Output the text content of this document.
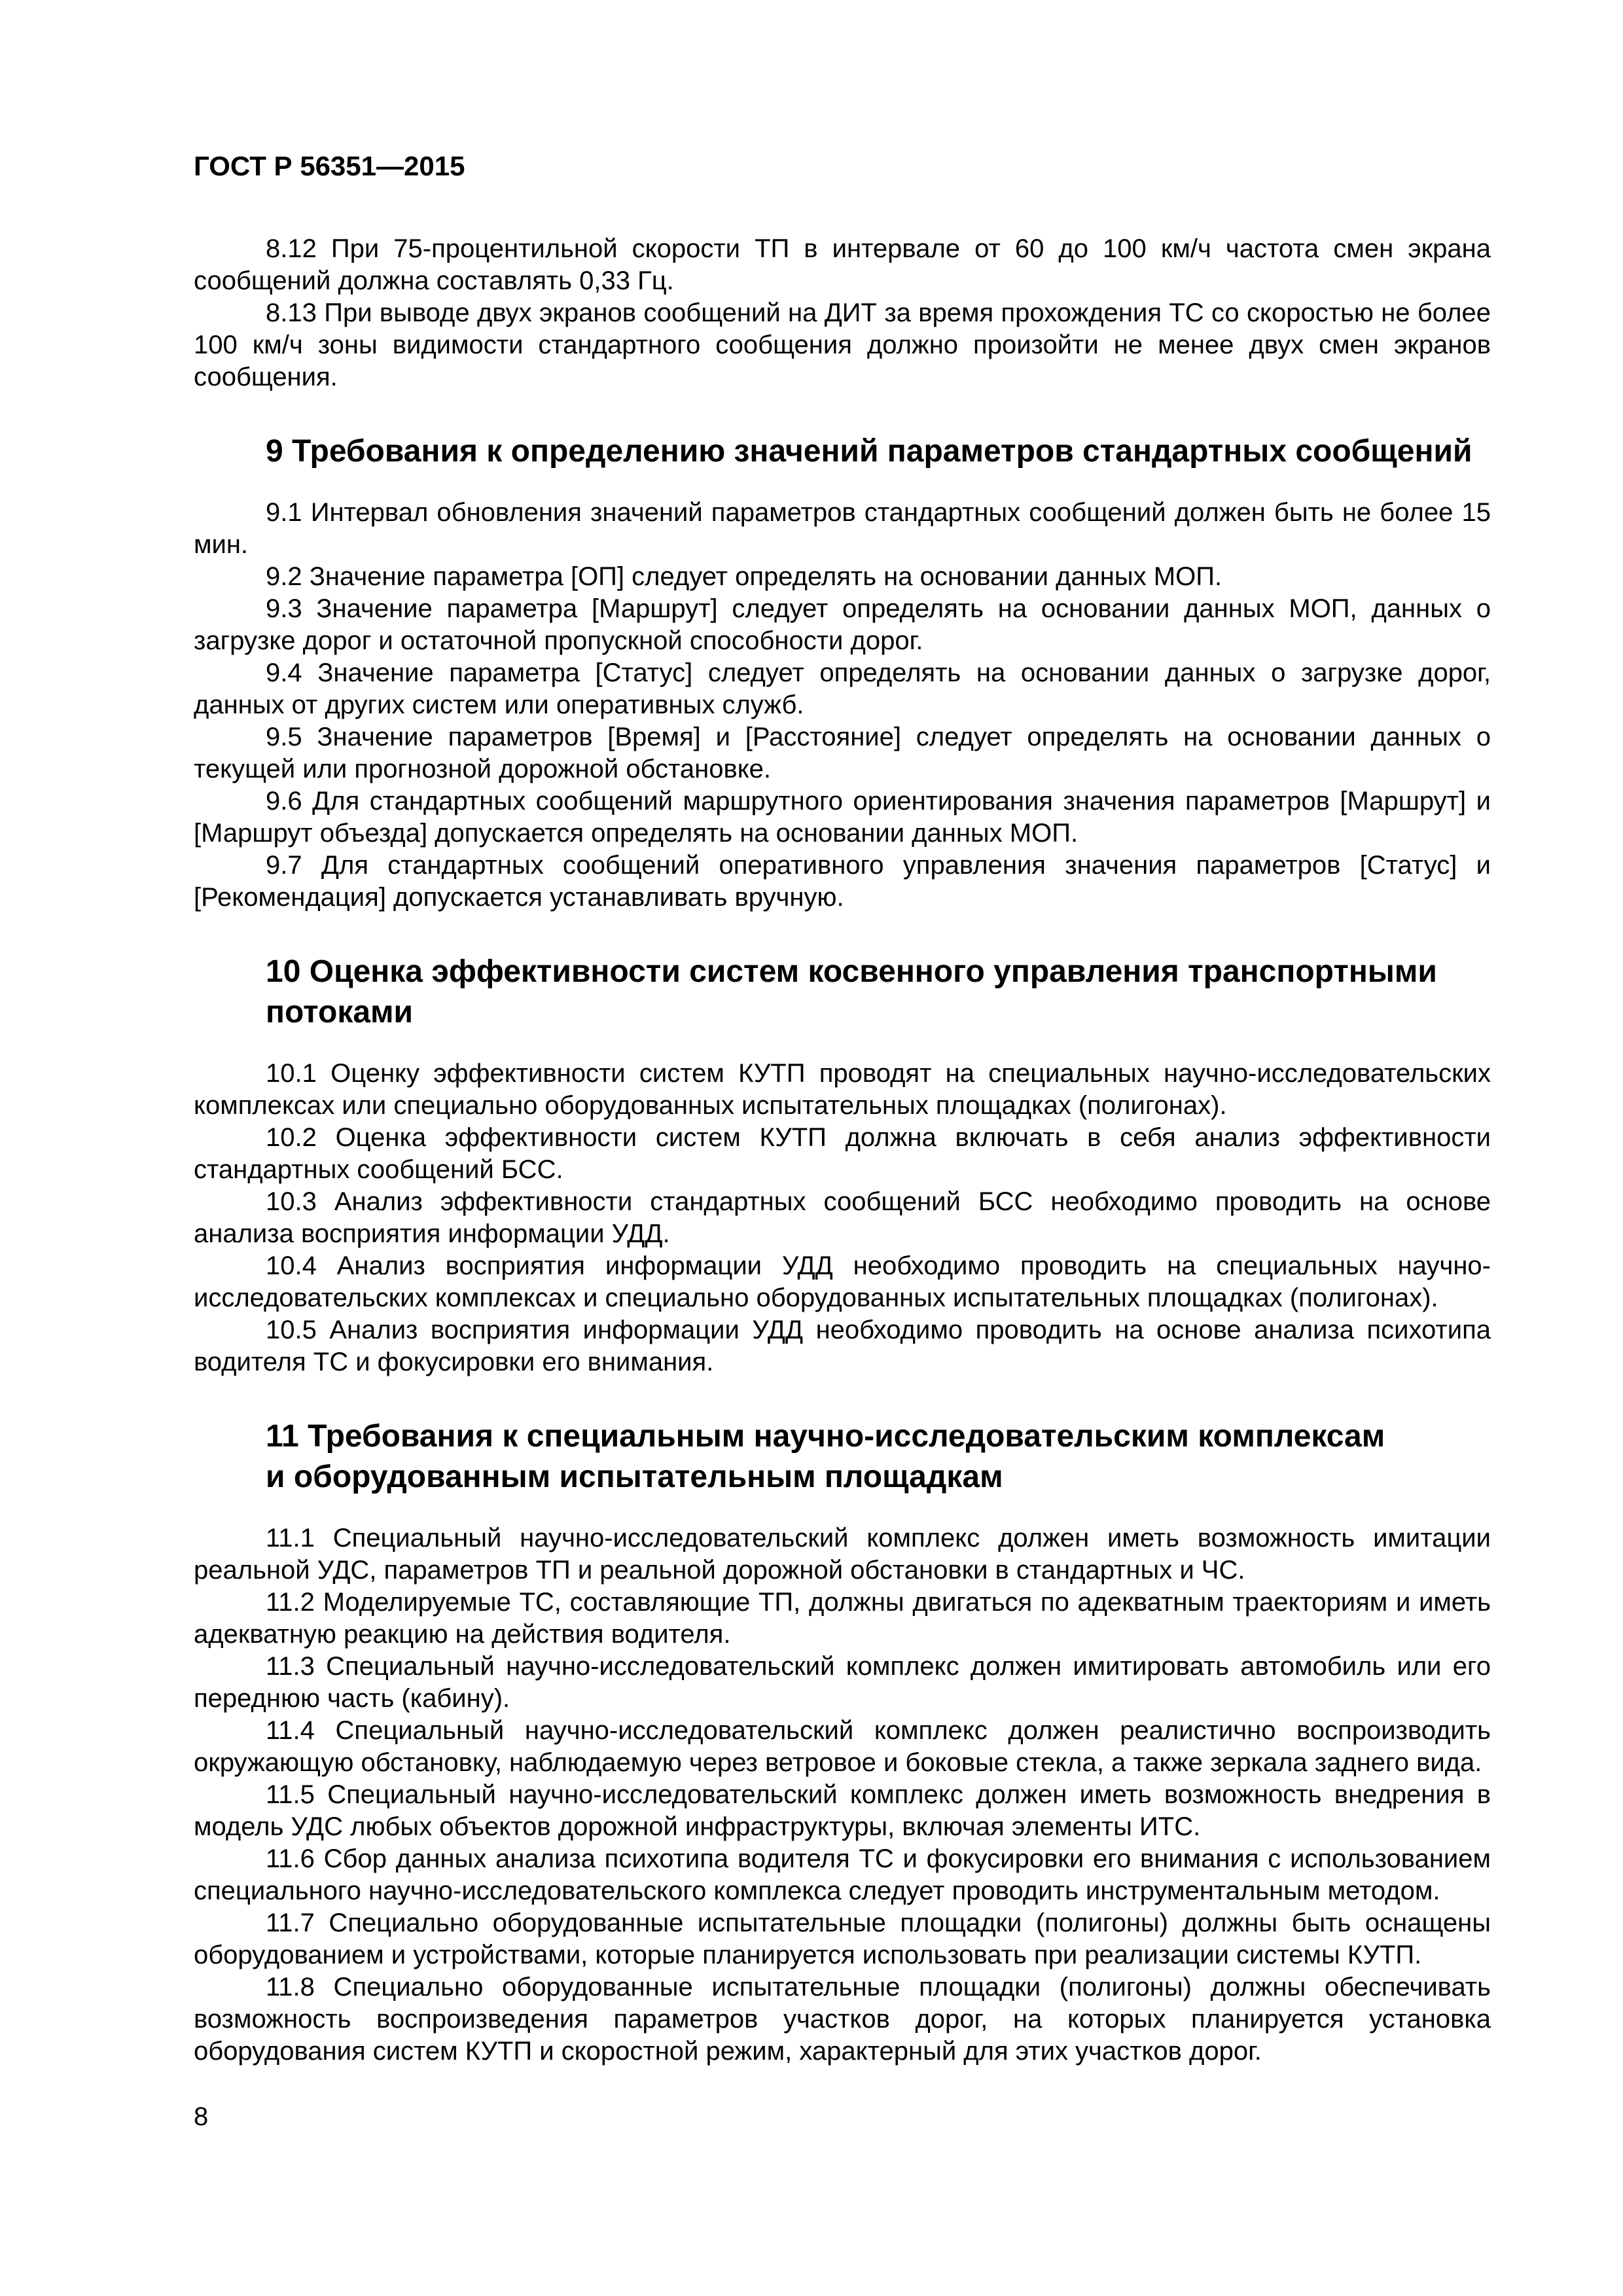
ГОСТ Р 56351—2015

8.12 При 75-процентильной скорости ТП в интервале от 60 до 100 км/ч частота смен экрана сообщений должна составлять 0,33 Гц.

8.13 При выводе двух экранов сообщений на ДИТ за время прохождения ТС со скоростью не более 100 км/ч зоны видимости стандартного сообщения должно произойти не менее двух смен экранов сообщения.

9 Требования к определению значений параметров стандартных сообщений

9.1 Интервал обновления значений параметров стандартных сообщений должен быть не более 15 мин.

9.2 Значение параметра [ОП] следует определять на основании данных МОП.

9.3 Значение параметра [Маршрут] следует определять на основании данных МОП, данных о загрузке дорог и остаточной пропускной способности дорог.

9.4 Значение параметра [Статус] следует определять на основании данных о загрузке дорог, данных от других систем или оперативных служб.

9.5 Значение параметров [Время] и [Расстояние] следует определять на основании данных о текущей или прогнозной дорожной обстановке.

9.6 Для стандартных сообщений маршрутного ориентирования значения параметров [Маршрут] и [Маршрут объезда] допускается определять на основании данных МОП.

9.7 Для стандартных сообщений оперативного управления значения параметров [Статус] и [Рекомендация] допускается устанавливать вручную.

10 Оценка эффективности систем косвенного управления транспортными
потоками

10.1 Оценку эффективности систем КУТП проводят на специальных научно-исследовательских комплексах или специально оборудованных испытательных площадках (полигонах).

10.2 Оценка эффективности систем КУТП должна включать в себя анализ эффективности стандартных сообщений БСС.

10.3 Анализ эффективности стандартных сообщений БСС необходимо проводить на основе анализа восприятия информации УДД.

10.4 Анализ восприятия информации УДД необходимо проводить на специальных научно-исследовательских комплексах и специально оборудованных испытательных площадках (полигонах).

10.5 Анализ восприятия информации УДД необходимо проводить на основе анализа психотипа водителя ТС и фокусировки его внимания.

11 Требования к специальным научно-исследовательским комплексам
и оборудованным испытательным площадкам

11.1 Специальный научно-исследовательский комплекс должен иметь возможность имитации реальной УДС, параметров ТП и реальной дорожной обстановки в стандартных и ЧС.

11.2 Моделируемые ТС, составляющие ТП, должны двигаться по адекватным траекториям и иметь адекватную реакцию на действия водителя.

11.3 Специальный научно-исследовательский комплекс должен имитировать автомобиль или его переднюю часть (кабину).

11.4 Специальный научно-исследовательский комплекс должен реалистично воспроизводить окружающую обстановку, наблюдаемую через ветровое и боковые стекла, а также зеркала заднего вида.

11.5 Специальный научно-исследовательский комплекс должен иметь возможность внедрения в модель УДС любых объектов дорожной инфраструктуры, включая элементы ИТС.

11.6 Сбор данных анализа психотипа водителя ТС и фокусировки его внимания с использованием специального научно-исследовательского комплекса следует проводить инструментальным методом.

11.7 Специально оборудованные испытательные площадки (полигоны) должны быть оснащены оборудованием и устройствами, которые планируется использовать при реализации системы КУТП.

11.8 Специально оборудованные испытательные площадки (полигоны) должны обеспечивать возможность воспроизведения параметров участков дорог, на которых планируется установка оборудования систем КУТП и скоростной режим, характерный для этих участков дорог.

8
